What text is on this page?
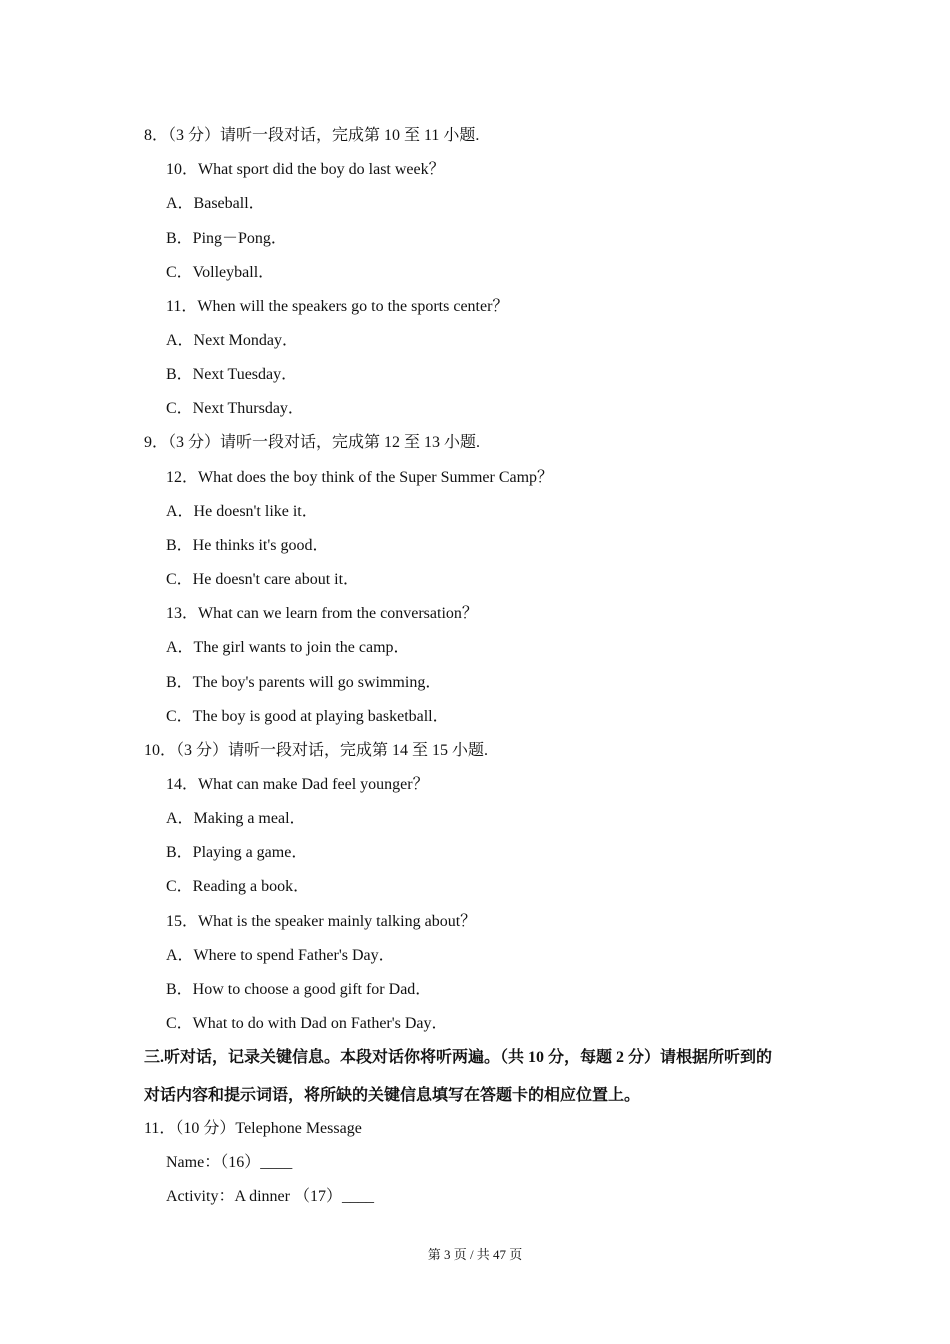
8．（3 分）请听一段对话，完成第 10 至 11 小题.
10．What sport did the boy do last week？
A．Baseball．
B．Ping－Pong．
C．Volleyball．
11．When will the speakers go to the sports center？
A．Next Monday．
B．Next Tuesday．
C．Next Thursday．
9．（3 分）请听一段对话，完成第 12 至 13 小题.
12．What does the boy think of the Super Summer Camp？
A．He doesn't like it．
B．He thinks it's good．
C．He doesn't care about it．
13．What can we learn from the conversation？
A．The girl wants to join the camp．
B．The boy's parents will go swimming．
C．The boy is good at playing basketball．
10．（3 分）请听一段对话，完成第 14 至 15 小题.
14．What can make Dad feel younger？
A．Making a meal．
B．Playing a game．
C．Reading a book．
15．What is the speaker mainly talking about？
A．Where to spend Father's Day．
B．How to choose a good gift for Dad．
C．What to do with Dad on Father's Day．
三.听对话，记录关键信息。本段对话你将听两遍。（共 10 分，每题 2 分）请根据所听到的
对话内容和提示词语，将所缺的关键信息填写在答题卡的相应位置上。
11．（10 分）Telephone Message
Name：（16）____
Activity：A dinner （17）____
第 3 页 / 共 47 页
